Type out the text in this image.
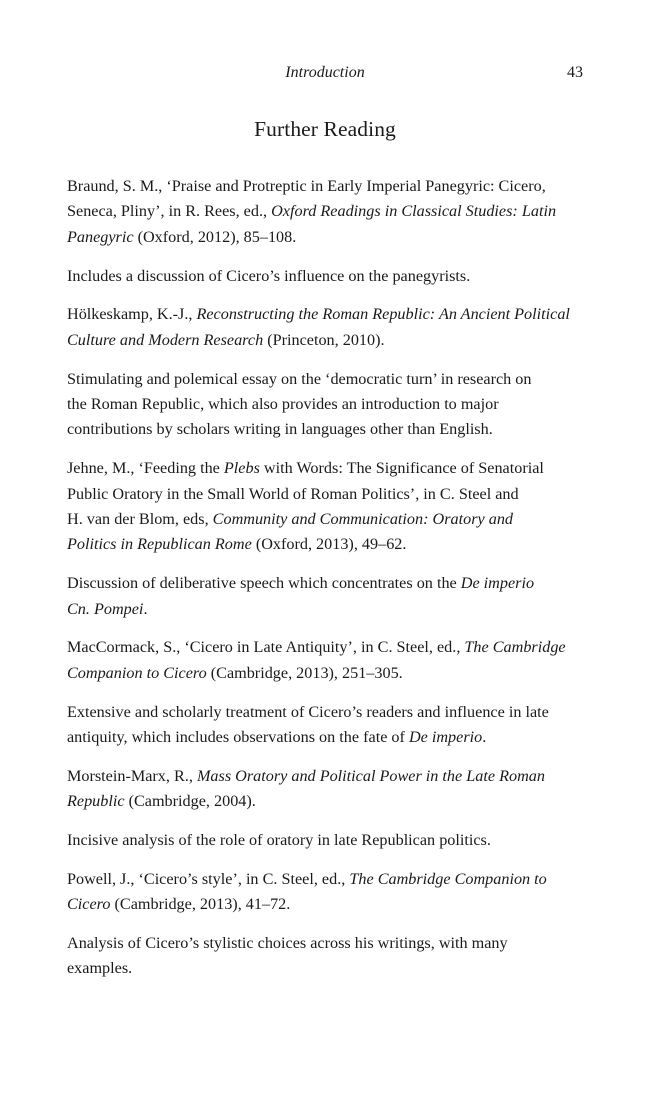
Introduction	43
Further Reading
Braund, S. M., ‘Praise and Protreptic in Early Imperial Panegyric: Cicero,
Seneca, Pliny’, in R. Rees, ed., Oxford Readings in Classical Studies: Latin
Panegyric (Oxford, 2012), 85–108.
Includes a discussion of Cicero’s influence on the panegyrists.
Hölkeskamp, K.-J., Reconstructing the Roman Republic: An Ancient Political
Culture and Modern Research (Princeton, 2010).
Stimulating and polemical essay on the ‘democratic turn’ in research on
the Roman Republic, which also provides an introduction to major
contributions by scholars writing in languages other than English.
Jehne, M., ‘Feeding the Plebs with Words: The Significance of Senatorial
Public Oratory in the Small World of Roman Politics’, in C. Steel and
H. van der Blom, eds, Community and Communication: Oratory and
Politics in Republican Rome (Oxford, 2013), 49–62.
Discussion of deliberative speech which concentrates on the De imperio
Cn. Pompei.
MacCormack, S., ‘Cicero in Late Antiquity’, in C. Steel, ed., The Cambridge
Companion to Cicero (Cambridge, 2013), 251–305.
Extensive and scholarly treatment of Cicero’s readers and influence in late
antiquity, which includes observations on the fate of De imperio.
Morstein-Marx, R., Mass Oratory and Political Power in the Late Roman
Republic (Cambridge, 2004).
Incisive analysis of the role of oratory in late Republican politics.
Powell, J., ‘Cicero’s style’, in C. Steel, ed., The Cambridge Companion to
Cicero (Cambridge, 2013), 41–72.
Analysis of Cicero’s stylistic choices across his writings, with many
examples.
